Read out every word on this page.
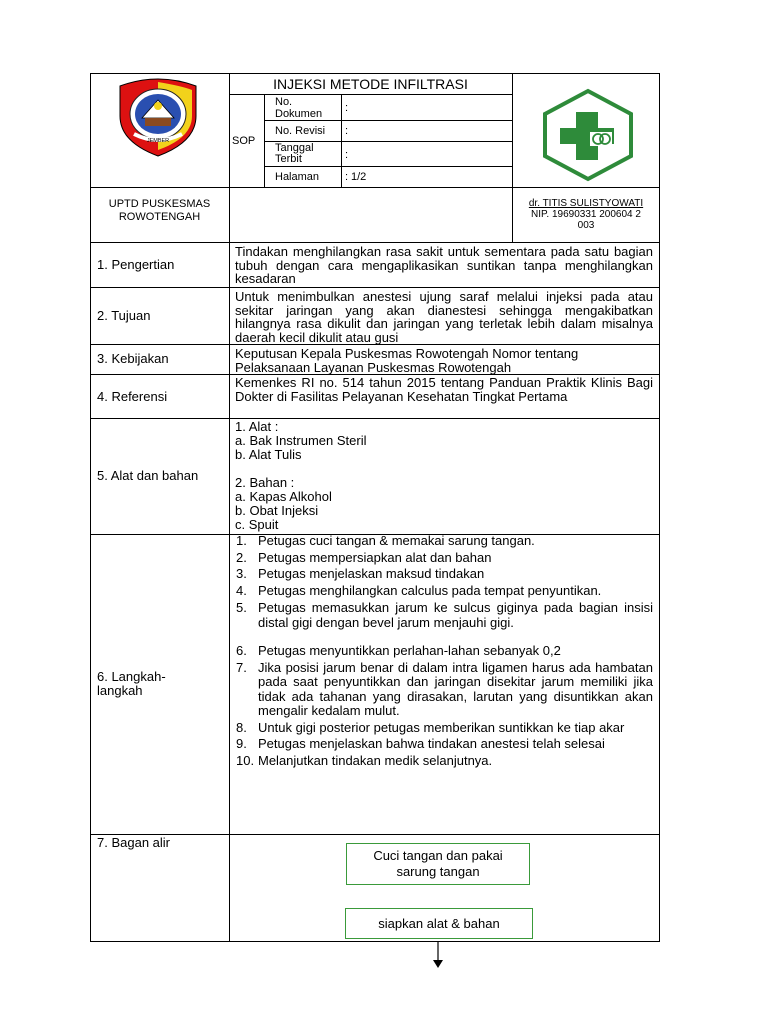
JEMBER
INJEKSI METODE INFILTRASI
SOP
No.
Dokumen	:
No. Revisi :
Tanggal
Terbit	:
Halaman : 1/2
UPTD PUSKESMAS
ROWOTENGAH
dr. TITIS SULISTYOWATI
NIP. 19690331 200604 2 003
1. Pengertian
Tindakan menghilangkan rasa sakit untuk sementara pada satu bagian tubuh dengan cara mengaplikasikan suntikan tanpa menghilangkan kesadaran
2. Tujuan
Untuk menimbulkan anestesi ujung saraf melalui injeksi pada atau sekitar jaringan yang akan dianestesi sehingga mengakibatkan hilangnya rasa dikulit dan jaringan yang terletak lebih dalam misalnya daerah kecil dikulit atau gusi
3. Kebijakan	Keputusan Kepala Puskesmas Rowotengah Nomor tentang Pelaksanaan Layanan Puskesmas Rowotengah
4. Referensi
Kemenkes RI no. 514 tahun 2015 tentang Panduan Praktik Klinis Bagi Dokter di Fasilitas Pelayanan Kesehatan Tingkat Pertama
5. Alat dan bahan
1. Alat :
a. Bak Instrumen Steril
b. Alat Tulis
2. Bahan :
a. Kapas Alkohol
b. Obat Injeksi
c. Spuit
6. Langkah-
langkah
1. Petugas cuci tangan & memakai sarung tangan.
2. Petugas mempersiapkan alat dan bahan
3. Petugas menjelaskan maksud tindakan
4. Petugas menghilangkan calculus pada tempat penyuntikan.
5. Petugas memasukkan jarum ke sulcus giginya pada bagian insisi distal gigi dengan bevel jarum menjauhi gigi.
6. Petugas menyuntikkan perlahan-lahan sebanyak 0,2
7. Jika posisi jarum benar di dalam intra ligamen harus ada hambatan pada saat penyuntikkan dan jaringan disekitar jarum memiliki jika tidak ada tahanan yang dirasakan, larutan yang disuntikkan akan mengalir kedalam mulut.
8. Untuk gigi posterior petugas memberikan suntikkan ke tiap akar
9. Petugas menjelaskan bahwa tindakan anestesi telah selesai
10. Melanjutkan tindakan medik selanjutnya.
7. Bagan alir
Cuci tangan dan pakai sarung tangan
siapkan alat & bahan
